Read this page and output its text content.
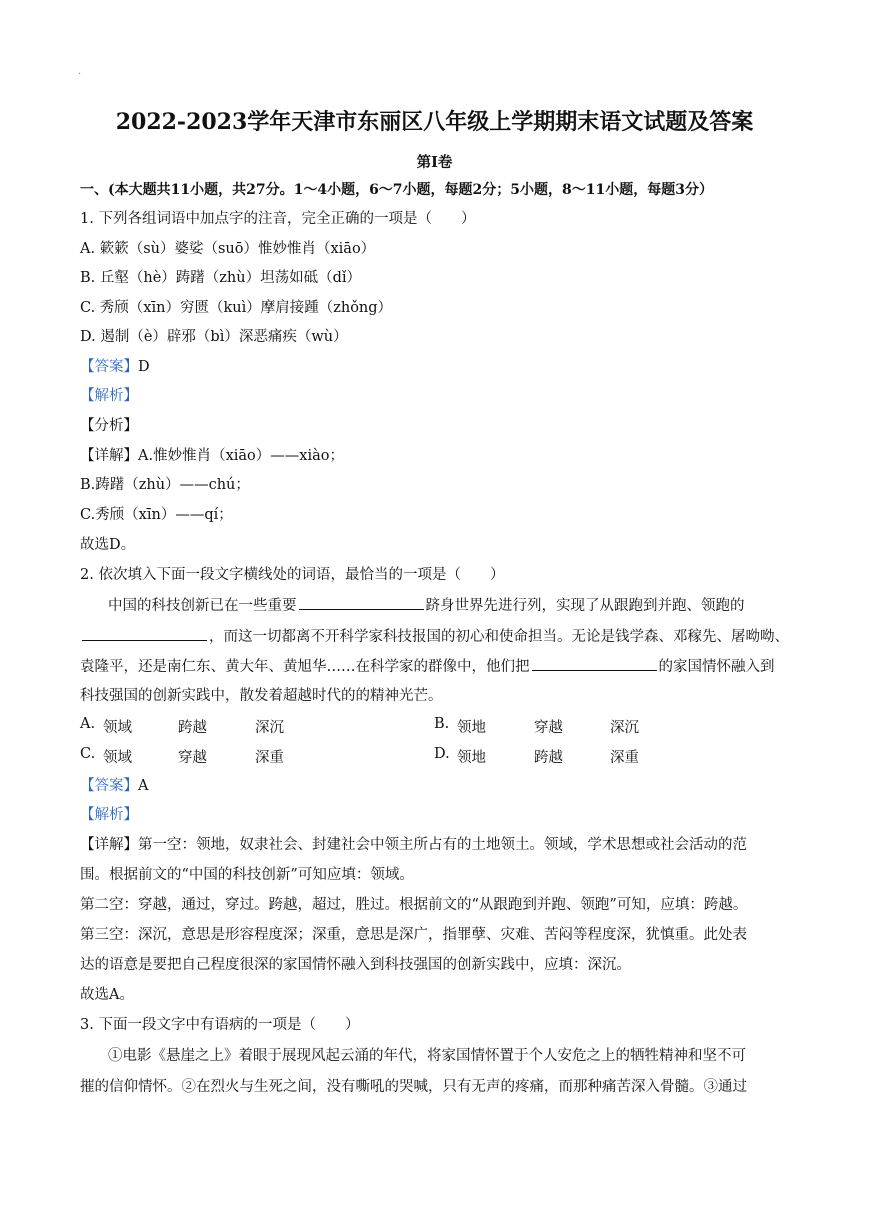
.
2022-2023学年天津市东丽区八年级上学期期末语文试题及答案
第I卷
一、(本大题共11小题，共27分。1～4小题，6～7小题，每题2分；5小题，8～11小题，每题3分）
1. 下列各组词语中加点字的注音，完全正确的一项是（　　）
A. 簌簌（sù）婆娑（suō）惟妙惟肖（xiāo）
B. 丘壑（hè）踌躇（zhù）坦荡如砥（dǐ）
C. 秀颀（xīn）穷匮（kuì）摩肩接踵（zhǒng）
D. 遏制（è）辟邪（bì）深恶痛疾（wù）
【答案】D
【解析】
【分析】
【详解】A.惟妙惟肖（xiāo）——xiào；
B.踌躇（zhù）——chú；
C.秀颀（xīn）——qí；
故选D。
2. 依次填入下面一段文字横线处的词语，最恰当的一项是（　　）
中国的科技创新已在一些重要	跻身世界先进行列，实现了从跟跑到并跑、领跑的
，而这一切都离不开科学家科技报国的初心和使命担当。无论是钱学森、邓稼先、屠呦呦、
袁隆平，还是南仁东、黄大年、黄旭华……在科学家的群像中，他们把	的家国情怀融入到
科技强国的创新实践中，散发着超越时代的的精神光芒。
A. 领域	跨越	深沉	B. 领地	穿越	深沉
C. 领域	穿越	深重	D. 领地	跨越	深重
【答案】A
【解析】
【详解】第一空：领地，奴隶社会、封建社会中领主所占有的土地领土。领域，学术思想或社会活动的范
围。根据前文的“中国的科技创新”可知应填：领域。
第二空：穿越，通过，穿过。跨越，超过，胜过。根据前文的“从跟跑到并跑、领跑”可知，应填：跨越。
第三空：深沉，意思是形容程度深；深重，意思是深广，指罪孽、灾难、苦闷等程度深，犹慎重。此处表
达的语意是要把自己程度很深的家国情怀融入到科技强国的创新实践中，应填：深沉。
故选A。
3. 下面一段文字中有语病的一项是（　　）
①电影《悬崖之上》着眼于展现风起云涌的年代，将家国情怀置于个人安危之上的牺牲精神和坚不可
摧的信仰情怀。②在烈火与生死之间，没有嘶吼的哭喊，只有无声的疼痛，而那种痛苦深入骨髓。③通过
